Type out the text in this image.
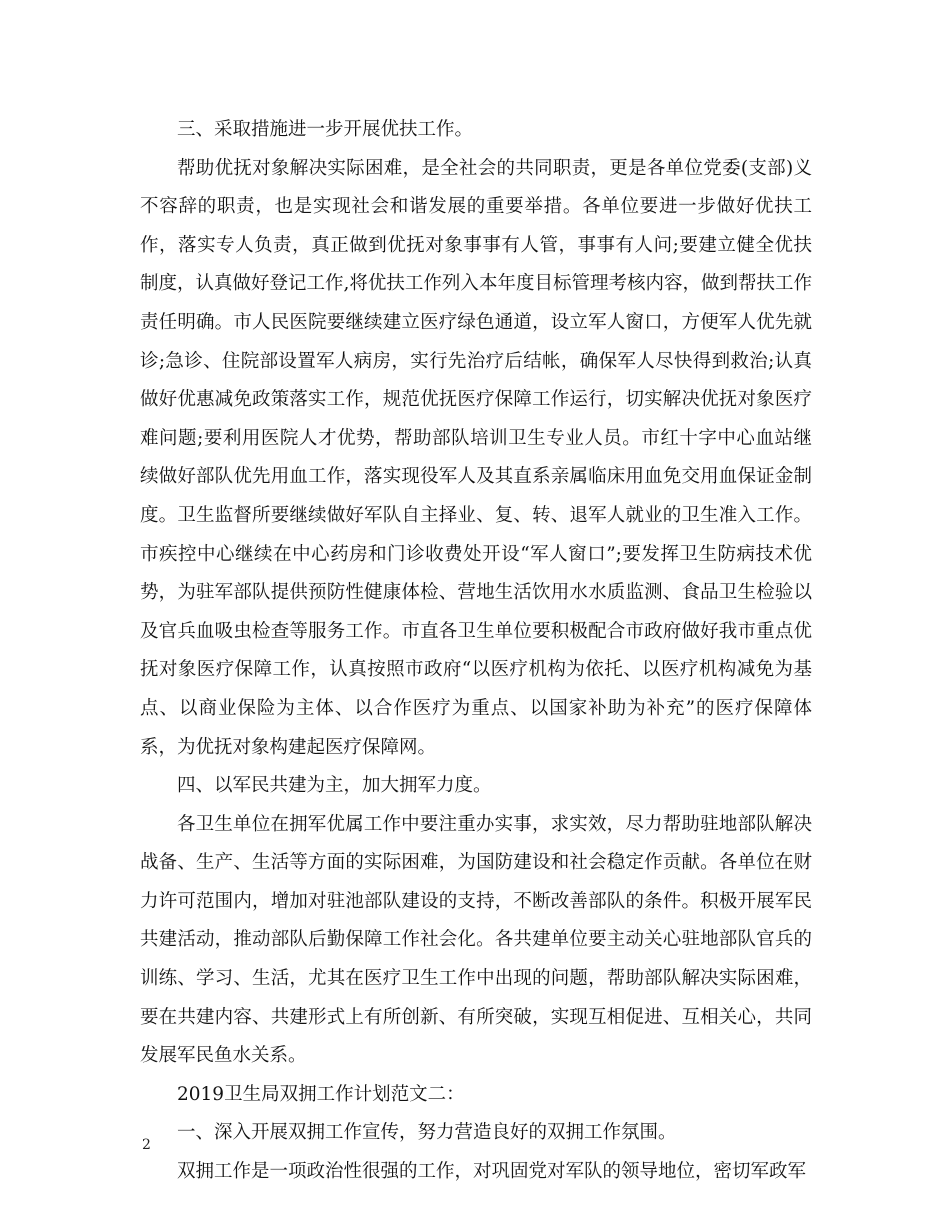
三、采取措施进一步开展优扶工作。

帮助优抚对象解决实际困难，是全社会的共同职责，更是各单位党委(支部)义不容辞的职责，也是实现社会和谐发展的重要举措。各单位要进一步做好优扶工作，落实专人负责，真正做到优抚对象事事有人管，事事有人问;要建立健全优扶制度，认真做好登记工作,将优扶工作列入本年度目标管理考核内容，做到帮扶工作责任明确。市人民医院要继续建立医疗绿色通道，设立军人窗口，方便军人优先就诊;急诊、住院部设置军人病房，实行先治疗后结帐，确保军人尽快得到救治;认真做好优惠减免政策落实工作，规范优抚医疗保障工作运行，切实解决优抚对象医疗难问题;要利用医院人才优势，帮助部队培训卫生专业人员。市红十字中心血站继续做好部队优先用血工作，落实现役军人及其直系亲属临床用血免交用血保证金制度。卫生监督所要继续做好军队自主择业、复、转、退军人就业的卫生准入工作。市疾控中心继续在中心药房和门诊收费处开设“军人窗口”;要发挥卫生防病技术优势，为驻军部队提供预防性健康体检、营地生活饮用水水质监测、食品卫生检验以及官兵血吸虫检查等服务工作。市直各卫生单位要积极配合市政府做好我市重点优抚对象医疗保障工作，认真按照市政府“以医疗机构为依托、以医疗机构减免为基点、以商业保险为主体、以合作医疗为重点、以国家补助为补充”的医疗保障体系，为优抚对象构建起医疗保障网。

四、以军民共建为主，加大拥军力度。

各卫生单位在拥军优属工作中要注重办实事，求实效，尽力帮助驻地部队解决战备、生产、生活等方面的实际困难，为国防建设和社会稳定作贡献。各单位在财力许可范围内，增加对驻池部队建设的支持，不断改善部队的条件。积极开展军民共建活动，推动部队后勤保障工作社会化。各共建单位要主动关心驻地部队官兵的训练、学习、生活，尤其在医疗卫生工作中出现的问题，帮助部队解决实际困难，要在共建内容、共建形式上有所创新、有所突破，实现互相促进、互相关心，共同发展军民鱼水关系。

2019卫生局双拥工作计划范文二：

一、深入开展双拥工作宣传，努力营造良好的双拥工作氛围。

双拥工作是一项政治性很强的工作，对巩固党对军队的领导地位，密切军政军

2
